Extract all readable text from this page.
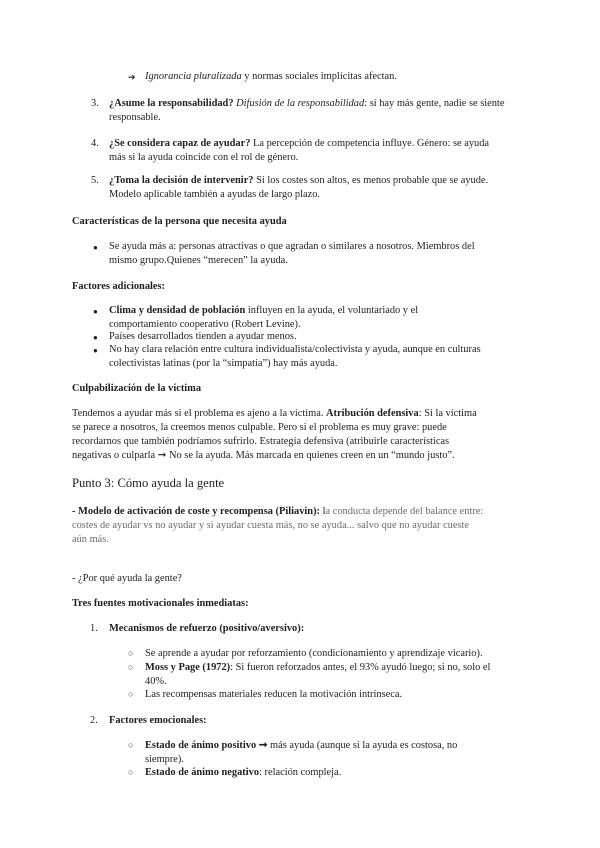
➔ Ignorancia pluralizada y normas sociales implícitas afectan.
3. ¿Asume la responsabilidad? Difusión de la responsabilidad: si hay más gente, nadie se siente
responsable.
4. ¿Se considera capaz de ayudar? La percepción de competencia influye. Género: se ayuda
más si la ayuda coincide con el rol de género.
5. ¿Toma la decisión de intervenir? Si los costes son altos, es menos probable que se ayude.
Modelo aplicable también a ayudas de largo plazo.
Características de la persona que necesita ayuda
● Se ayuda más a: personas atractivas o que agradan o similares a nosotros. Miembros del
mismo grupo.Quienes “merecen” la ayuda.
Factores adicionales:
● Clima y densidad de población influyen en la ayuda, el voluntariado y el
comportamiento cooperativo (Robert Levine).
● Países desarrollados tienden a ayudar menos.
● No hay clara relación entre cultura individualista/colectivista y ayuda, aunque en culturas
colectivistas latinas (por la “simpatía”) hay más ayuda.
Culpabilización de la víctima
Tendemos a ayudar más si el problema es ajeno a la víctima. Atribución defensiva: Si la víctima
se parece a nosotros, la creemos menos culpable. Pero si el problema es muy grave: puede
recordarnos que también podríamos sufrirlo. Estrategia defensiva (atribuirle características
negativas o culparla ➞ No se la ayuda. Más marcada en quienes creen en un “mundo justo”.
Punto 3: Cómo ayuda la gente
- Modelo de activación de coste y recompensa (Piliavin): la conducta depende del balance entre:
costes de ayudar vs no ayudar y si ayudar cuesta más, no se ayuda... salvo que no ayudar cueste
aún más.
- ¿Por qué ayuda la gente?
Tres fuentes motivacionales inmediatas:
1. Mecanismos de refuerzo (positivo/aversivo):
○ Se aprende a ayudar por reforzamiento (condicionamiento y aprendizaje vicario).
○ Moss y Page (1972): Si fueron reforzados antes, el 93% ayudó luego; si no, solo el
40%.
○ Las recompensas materiales reducen la motivación intrínseca.
2. Factores emocionales:
○ Estado de ánimo positivo ➞ más ayuda (aunque si la ayuda es costosa, no
siempre).
○ Estado de ánimo negativo: relación compleja.
